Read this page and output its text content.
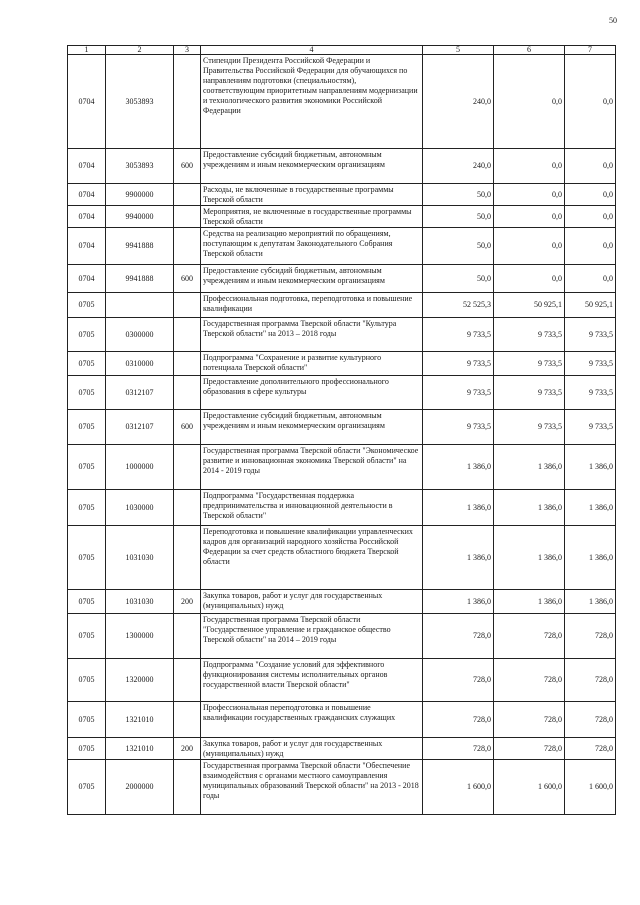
50
1	2	3	4	5	6	7
0704	3053893		Стипендии Президента Российской Федерации и Правительства Российской Федерации для обучающихся по направлениям подготовки (специальностям), соответствующим приоритетным направлениям модернизации и технологического развития экономики Российской Федерации	240,0	0,0	0,0
0704	3053893	600	Предоставление субсидий бюджетным, автономным учреждениям и иным некоммерческим организациям	240,0	0,0	0,0
0704	9900000		Расходы, не включенные в государственные программы Тверской области	50,0	0,0	0,0
0704	9940000		Мероприятия, не включенные в государственные программы Тверской области	50,0	0,0	0,0
0704	9941888		Средства на реализацию мероприятий по обращениям, поступающим к депутатам Законодательного Собрания Тверской области	50,0	0,0	0,0
0704	9941888	600	Предоставление субсидий бюджетным, автономным учреждениям и иным некоммерческим организациям	50,0	0,0	0,0
0705			Профессиональная подготовка, переподготовка и повышение квалификации	52 525,3	50 925,1	50 925,1
0705	0300000		Государственная программа Тверской области "Культура Тверской области" на 2013 – 2018 годы	9 733,5	9 733,5	9 733,5
0705	0310000		Подпрограмма "Сохранение и развитие культурного потенциала Тверской области"	9 733,5	9 733,5	9 733,5
0705	0312107		Предоставление дополнительного профессионального образования в сфере культуры	9 733,5	9 733,5	9 733,5
0705	0312107	600	Предоставление субсидий бюджетным, автономным учреждениям и иным некоммерческим организациям	9 733,5	9 733,5	9 733,5
0705	1000000		Государственная программа Тверской области "Экономическое развитие и инновационная экономика Тверской области" на 2014 - 2019 годы	1 386,0	1 386,0	1 386,0
0705	1030000		Подпрограмма "Государственная поддержка предпринимательства и инновационной деятельности в Тверской области"	1 386,0	1 386,0	1 386,0
0705	1031030		Переподготовка и повышение квалификации управленческих кадров для организаций народного хозяйства Российской Федерации за счет средств областного бюджета Тверской области	1 386,0	1 386,0	1 386,0
0705	1031030	200	Закупка товаров, работ и услуг для государственных (муниципальных) нужд	1 386,0	1 386,0	1 386,0
0705	1300000		Государственная программа Тверской области "Государственное управление и гражданское общество Тверской области" на 2014 – 2019 годы	728,0	728,0	728,0
0705	1320000		Подпрограмма "Создание условий для эффективного функционирования системы исполнительных органов государственной власти Тверской области"	728,0	728,0	728,0
0705	1321010		Профессиональная переподготовка и повышение квалификации государственных гражданских служащих	728,0	728,0	728,0
0705	1321010	200	Закупка товаров, работ и услуг для государственных (муниципальных) нужд	728,0	728,0	728,0
0705	2000000		Государственная программа Тверской области "Обеспечение взаимодействия с органами местного самоуправления муниципальных образований Тверской области" на 2013 - 2018 годы	1 600,0	1 600,0	1 600,0
